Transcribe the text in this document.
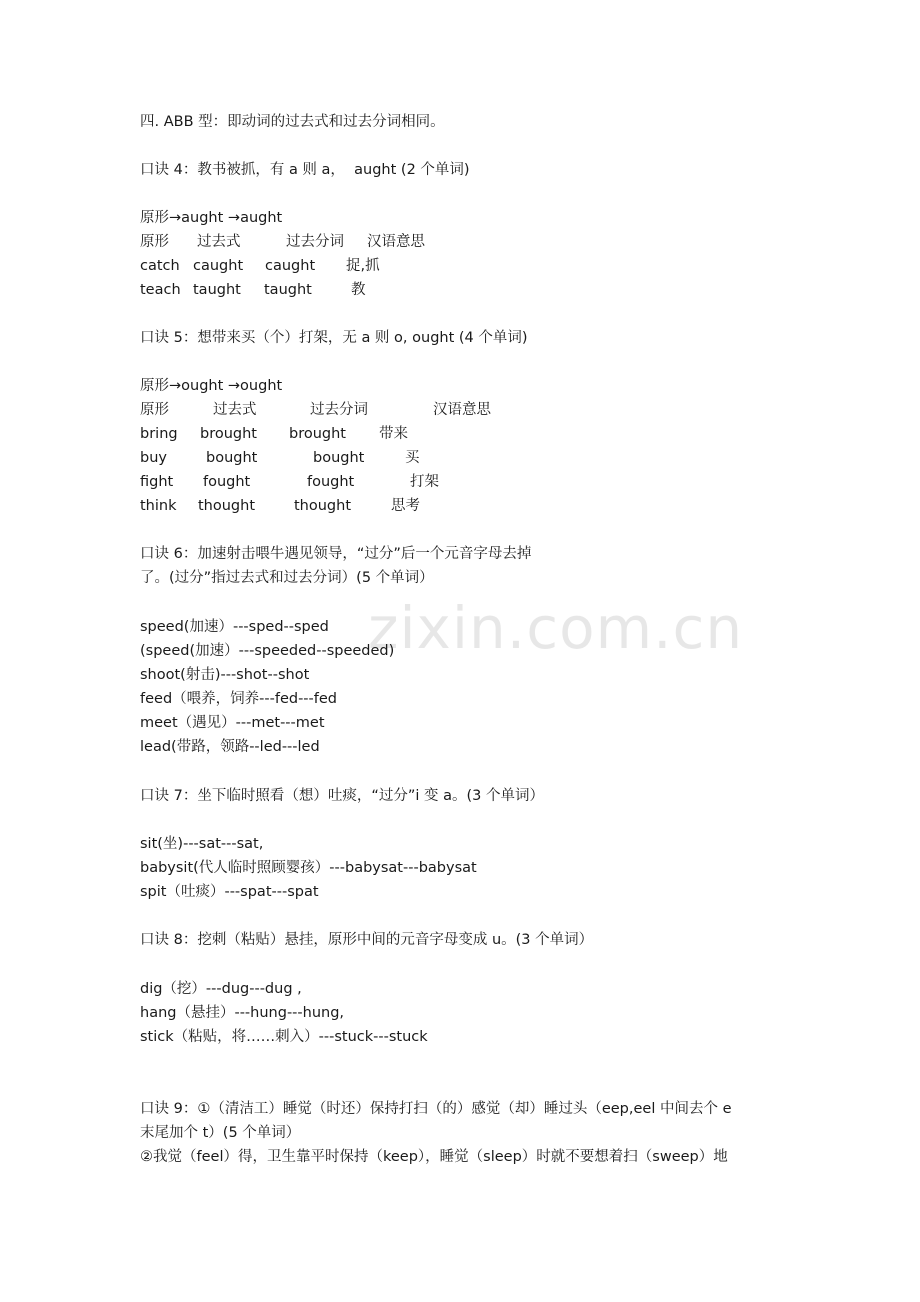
zixin.com.cn
四. ABB 型：即动词的过去式和过去分词相同。
口诀 4：教书被抓，有 a 则 a，  aught (2 个单词)
原形→aught →aught
原形 过去式	过去分词 汉语意思
catch caught caught 捉,抓
teach taught taught	教
口诀 5：想带来买（个）打架，无 a 则 o, ought (4 个单词)
原形→ought →ought
原形	过去式	过去分词	汉语意思
bring brought brought 带来
buy	bought	bought	买
fight fought	fought	打架
think thought	thought	思考
口诀 6：加速射击喂牛遇见领导，“过分”后一个元音字母去掉
了。(过分”指过去式和过去分词）(5 个单词）
speed(加速）---sped--sped
(speed(加速）---speeded--speeded)
shoot(射击)---shot--shot
feed（喂养，饲养---fed---fed
meet（遇见）---met---met
lead(带路，领路--led---led
口诀 7：坐下临时照看（想）吐痰，“过分”i 变 a。(3 个单词）
sit(坐)---sat---sat,
babysit(代人临时照顾婴孩）---babysat---babysat
spit（吐痰）---spat---spat
口诀 8：挖刺（粘贴）悬挂，原形中间的元音字母变成 u。(3 个单词）
dig（挖）---dug---dug ,
hang（悬挂）---hung---hung,
stick（粘贴，将……刺入）---stuck---stuck
口诀 9：①（清洁工）睡觉（时还）保持打扫（的）感觉（却）睡过头（eep,eel 中间去个 e
末尾加个 t）(5 个单词）
②我觉（feel）得，卫生靠平时保持（keep），睡觉（sleep）时就不要想着扫（sweep）地
